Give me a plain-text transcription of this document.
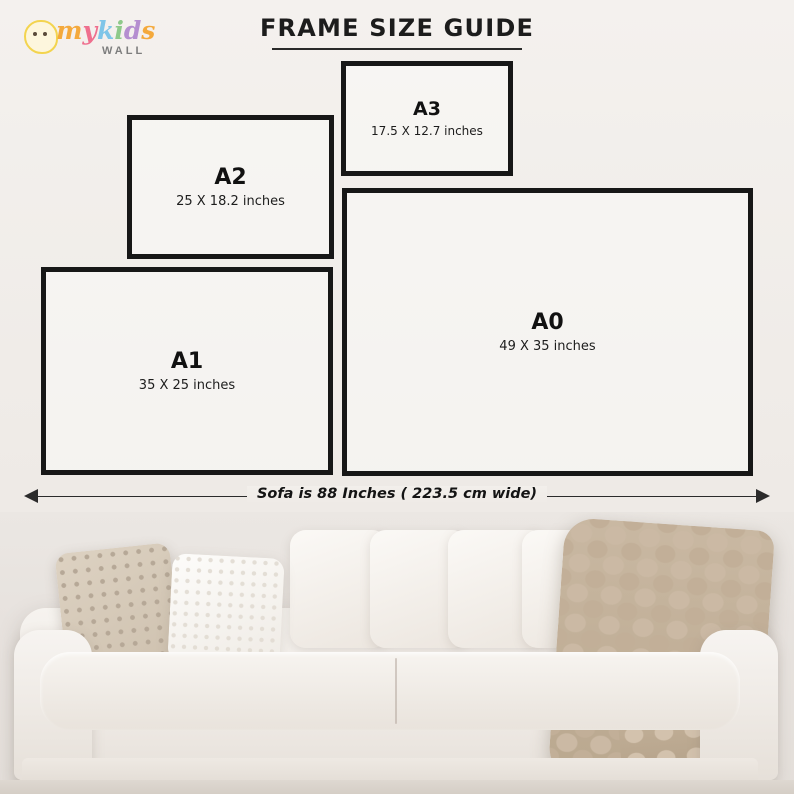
mykids
WALL
FRAME SIZE GUIDE
A3
17.5 X 12.7 inches
A2
25 X 18.2 inches
A1
35 X 25 inches
A0
49 X 35 inches
Sofa is 88 Inches ( 223.5 cm wide)
